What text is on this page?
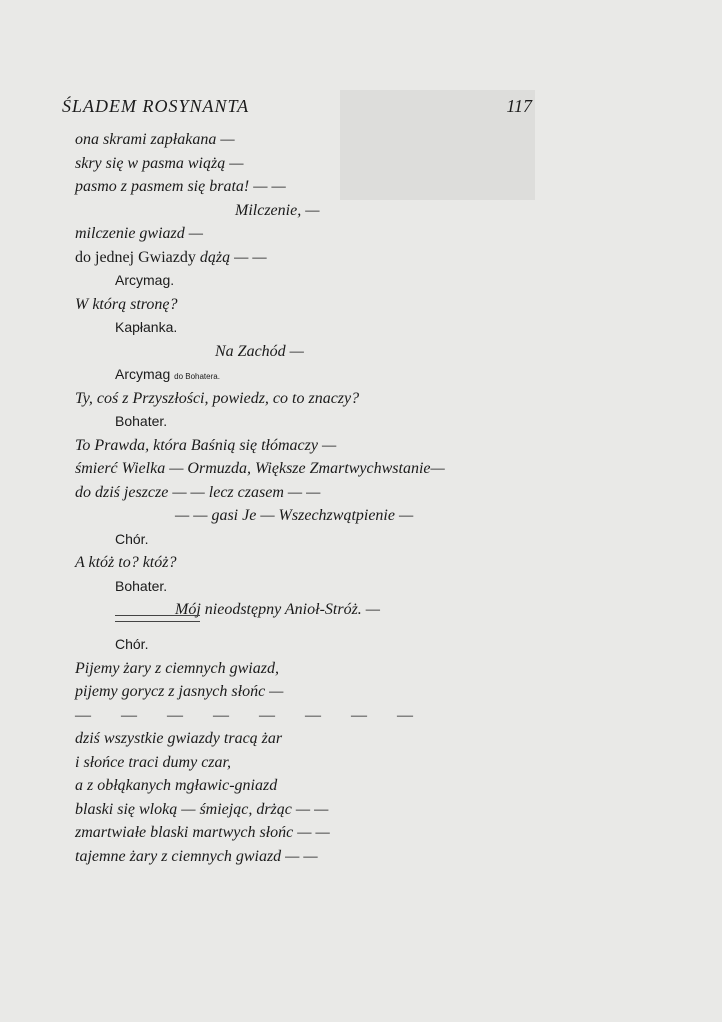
ŚLADEM ROSYNANTA	117
ona skrami zapłakana —
skry się w pasma wiążą —
pasmo z pasmem się brata! — —
Milczenie, —
milczenie gwiazd —
do jednej Gwiazdy dążą — —
Arcymag.
W którą stronę?
Kapłanka.
Na Zachód —
Arcymag do Bohatera.
Ty, coś z Przyszłości, powiedz, co to znaczy?
Bohater.
To Prawda, która Baśnią się tłómaczy —
śmierć Wielka — Ormuzda, Większe Zmartwychwstanie—
do dziś jeszcze — — lecz czasem — —
— — gasi Je — Wszechzwątpienie —
Chór.
A któż to? któż?
Bohater.
Mój nieodstępny Anioł-Stróż. —
Chór.
Pijemy żary z ciemnych gwiazd,
pijemy gorycz z jasnych słońc —
— — — — — — — —
dziś wszystkie gwiazdy tracą żar
i słońce traci dumy czar,
a z obłąkanych mgławic-gniazd
blaski się wloką — śmiejąc, drżąc — —
zmartwiałe blaski martwych słońc — —
tajemne żary z ciemnych gwiazd — —
